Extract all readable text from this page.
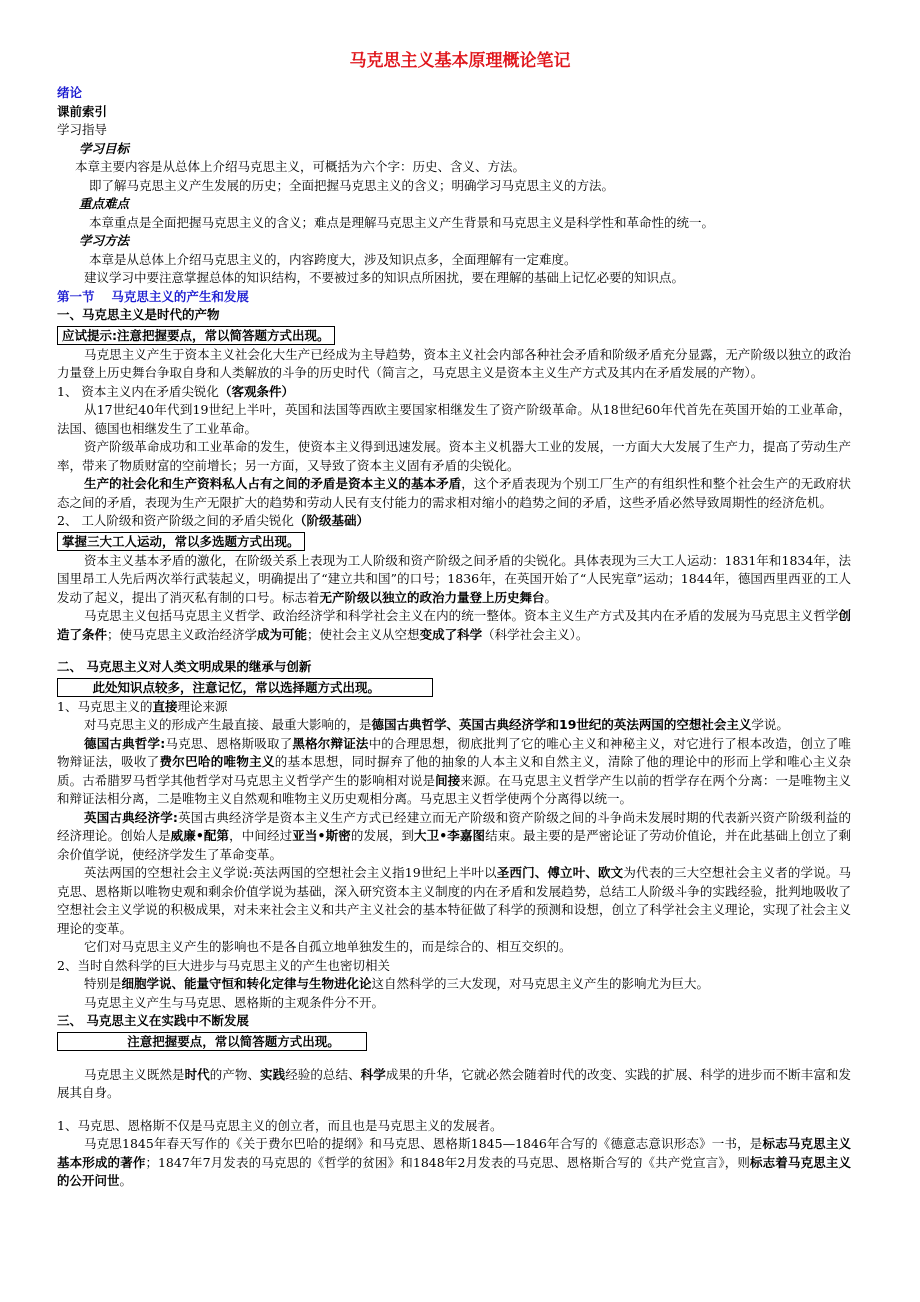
马克思主义基本原理概论笔记

绪论

课前索引

学习指导

学习目标

本章主要内容是从总体上介绍马克思主义，可概括为六个字：历史、含义、方法。

即了解马克思主义产生发展的历史；全面把握马克思主义的含义；明确学习马克思主义的方法。

重点难点

本章重点是全面把握马克思主义的含义；难点是理解马克思主义产生背景和马克思主义是科学性和革命性的统一。

学习方法

本章是从总体上介绍马克思主义的，内容跨度大，涉及知识点多，全面理解有一定难度。

建议学习中要注意掌握总体的知识结构，不要被过多的知识点所困扰，要在理解的基础上记忆必要的知识点。

第一节　 马克思主义的产生和发展

一、马克思主义是时代的产物

应试提示:注意把握要点，常以简答题方式出现。

马克思主义产生于资本主义社会化大生产已经成为主导趋势，资本主义社会内部各种社会矛盾和阶级矛盾充分显露，无产阶级以独立的政治力量登上历史舞台争取自身和人类解放的斗争的历史时代（简言之，马克思主义是资本主义生产方式及其内在矛盾发展的产物）。

1、 资本主义内在矛盾尖锐化（客观条件）

从17世纪40年代到19世纪上半叶，英国和法国等西欧主要国家相继发生了资产阶级革命。从18世纪60年代首先在英国开始的工业革命，法国、德国也相继发生了工业革命。

资产阶级革命成功和工业革命的发生，使资本主义得到迅速发展。资本主义机器大工业的发展，一方面大大发展了生产力，提高了劳动生产率，带来了物质财富的空前增长；另一方面，又导致了资本主义固有矛盾的尖锐化。

生产的社会化和生产资料私人占有之间的矛盾是资本主义的基本矛盾，这个矛盾表现为个别工厂生产的有组织性和整个社会生产的无政府状态之间的矛盾，表现为生产无限扩大的趋势和劳动人民有支付能力的需求相对缩小的趋势之间的矛盾，这些矛盾必然导致周期性的经济危机。

2、 工人阶级和资产阶级之间的矛盾尖锐化（阶级基础）

掌握三大工人运动，常以多选题方式出现。

资本主义基本矛盾的激化，在阶级关系上表现为工人阶级和资产阶级之间矛盾的尖锐化。具体表现为三大工人运动：1831年和1834年，法国里昂工人先后两次举行武装起义，明确提出了“建立共和国”的口号；1836年，在英国开始了“人民宪章”运动；1844年，德国西里西亚的工人发动了起义，提出了消灭私有制的口号。标志着无产阶级以独立的政治力量登上历史舞台。

马克思主义包括马克思主义哲学、政治经济学和科学社会主义在内的统一整体。资本主义生产方式及其内在矛盾的发展为马克思主义哲学创造了条件；使马克思主义政治经济学成为可能；使社会主义从空想变成了科学（科学社会主义）。

二、 马克思主义对人类文明成果的继承与创新

此处知识点较多，注意记忆，常以选择题方式出现。

1、马克思主义的直接理论来源

对马克思主义的形成产生最直接、最重大影响的，是德国古典哲学、英国古典经济学和19世纪的英法两国的空想社会主义学说。

德国古典哲学:马克思、恩格斯吸取了黑格尔辩证法中的合理思想，彻底批判了它的唯心主义和神秘主义，对它进行了根本改造，创立了唯物辩证法，吸收了费尔巴哈的唯物主义的基本思想，同时摒弃了他的抽象的人本主义和自然主义，清除了他的理论中的形而上学和唯心主义杂质。古希腊罗马哲学其他哲学对马克思主义哲学产生的影响相对说是间接来源。在马克思主义哲学产生以前的哲学存在两个分离：一是唯物主义和辩证法相分离，二是唯物主义自然观和唯物主义历史观相分离。马克思主义哲学使两个分离得以统一。

英国古典经济学:英国古典经济学是资本主义生产方式已经建立而无产阶级和资产阶级之间的斗争尚未发展时期的代表新兴资产阶级利益的经济理论。创始人是威廉•配第，中间经过亚当•斯密的发展，到大卫•李嘉图结束。最主要的是严密论证了劳动价值论，并在此基础上创立了剩余价值学说，使经济学发生了革命变革。

英法两国的空想社会主义学说:英法两国的空想社会主义指19世纪上半叶以圣西门、傅立叶、欧文为代表的三大空想社会主义者的学说。马克思、恩格斯以唯物史观和剩余价值学说为基础，深入研究资本主义制度的内在矛盾和发展趋势，总结工人阶级斗争的实践经验，批判地吸收了空想社会主义学说的积极成果，对未来社会主义和共产主义社会的基本特征做了科学的预测和设想，创立了科学社会主义理论，实现了社会主义理论的变革。

它们对马克思主义产生的影响也不是各自孤立地单独发生的，而是综合的、相互交织的。

2、当时自然科学的巨大进步与马克思主义的产生也密切相关

特别是细胞学说、能量守恒和转化定律与生物进化论这自然科学的三大发现，对马克思主义产生的影响尤为巨大。

马克思主义产生与马克思、恩格斯的主观条件分不开。

三、 马克思主义在实践中不断发展

注意把握要点，常以简答题方式出现。

马克思主义既然是时代的产物、实践经验的总结、科学成果的升华，它就必然会随着时代的改变、实践的扩展、科学的进步而不断丰富和发展其自身。

1、马克思、恩格斯不仅是马克思主义的创立者，而且也是马克思主义的发展者。

马克思1845年春天写作的《关于费尔巴哈的提纲》和马克思、恩格斯1845—1846年合写的《德意志意识形态》一书，是标志马克思主义基本形成的著作；1847年7月发表的马克思的《哲学的贫困》和1848年2月发表的马克思、恩格斯合写的《共产党宣言》，则标志着马克思主义的公开问世。
